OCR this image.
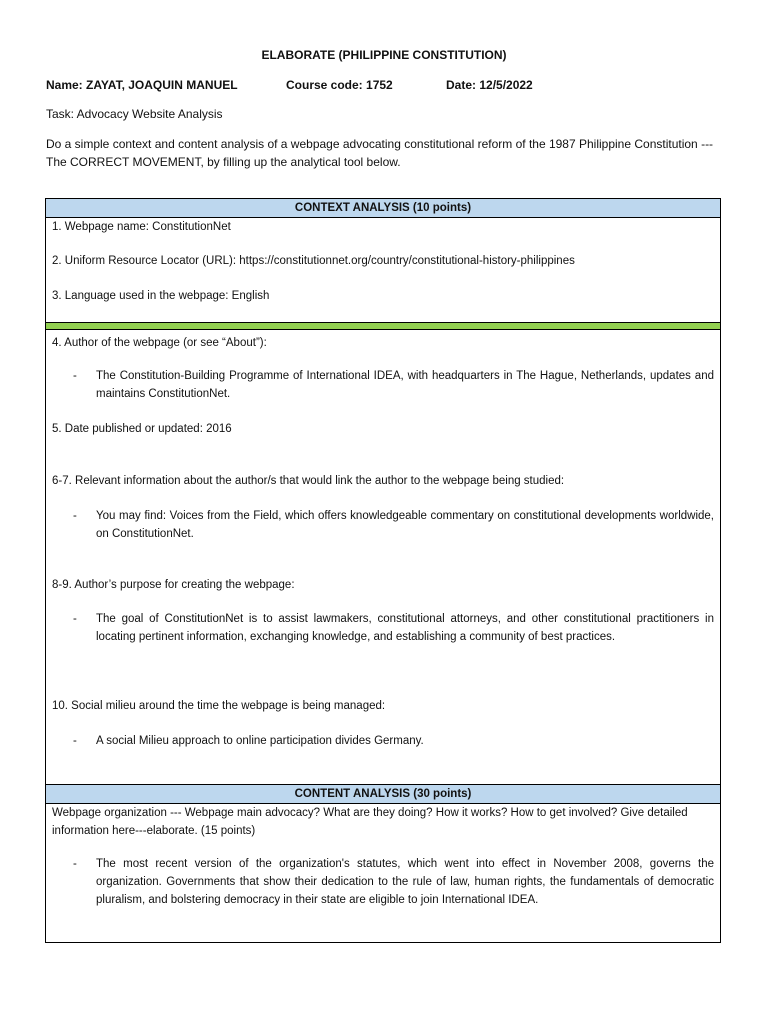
ELABORATE (PHILIPPINE CONSTITUTION)
Name: ZAYAT, JOAQUIN MANUEL	Course code: 1752	Date: 12/5/2022
Task: Advocacy Website Analysis
Do a simple context and content analysis of a webpage advocating constitutional reform of the 1987 Philippine Constitution --- The CORRECT MOVEMENT, by filling up the analytical tool below.
CONTEXT ANALYSIS (10 points)
1. Webpage name: ConstitutionNet
2. Uniform Resource Locator (URL): https://constitutionnet.org/country/constitutional-history-philippines
3. Language used in the webpage: English
4. Author of the webpage (or see “About”):
- The Constitution-Building Programme of International IDEA, with headquarters in The Hague, Netherlands, updates and maintains ConstitutionNet.
5. Date published or updated: 2016
6-7. Relevant information about the author/s that would link the author to the webpage being studied:
- You may find: Voices from the Field, which offers knowledgeable commentary on constitutional developments worldwide, on ConstitutionNet.
8-9. Author’s purpose for creating the webpage:
- The goal of ConstitutionNet is to assist lawmakers, constitutional attorneys, and other constitutional practitioners in locating pertinent information, exchanging knowledge, and establishing a community of best practices.
10. Social milieu around the time the webpage is being managed:
- A social Milieu approach to online participation divides Germany.
CONTENT ANALYSIS (30 points)
Webpage organization --- Webpage main advocacy? What are they doing? How it works? How to get involved? Give detailed information here---elaborate. (15 points)
- The most recent version of the organization's statutes, which went into effect in November 2008, governs the organization. Governments that show their dedication to the rule of law, human rights, the fundamentals of democratic pluralism, and bolstering democracy in their state are eligible to join International IDEA.
